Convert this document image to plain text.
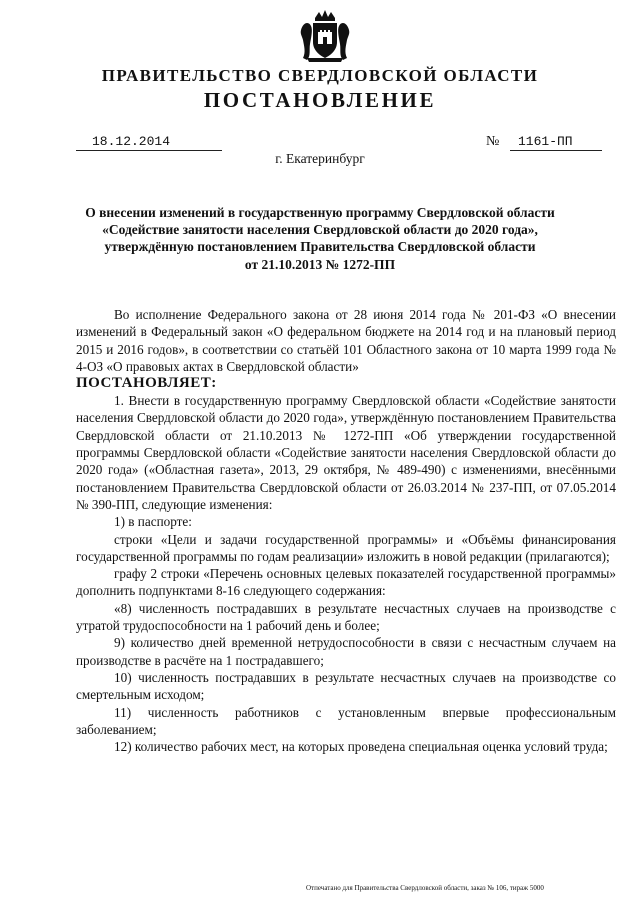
ПРАВИТЕЛЬСТВО СВЕРДЛОВСКОЙ ОБЛАСТИ
ПОСТАНОВЛЕНИЕ
18.12.2014	№	1161-ПП
г. Екатеринбург
О внесении изменений в государственную программу Свердловской области
«Содействие занятости населения Свердловской области до 2020 года»,
утверждённую постановлением Правительства Свердловской области
от 21.10.2013 № 1272-ПП

Во исполнение Федерального закона от 28 июня 2014 года № 201-ФЗ «О внесении изменений в Федеральный закон «О федеральном бюджете на 2014 год и на плановый период 2015 и 2016 годов», в соответствии со статьёй 101 Областного закона от 10 марта 1999 года № 4-ОЗ «О правовых актах в Свердловской области»

ПОСТАНОВЛЯЕТ:

1. Внести в государственную программу Свердловской области «Содействие занятости населения Свердловской области до 2020 года», утверждённую постановлением Правительства Свердловской области от 21.10.2013 № 1272-ПП «Об утверждении государственной программы Свердловской области «Содействие занятости населения Свердловской области до 2020 года» («Областная газета», 2013, 29 октября, № 489-490) с изменениями, внесёнными постановлением Правительства Свердловской области от 26.03.2014 № 237-ПП, от 07.05.2014 № 390-ПП, следующие изменения:

1) в паспорте:

строки «Цели и задачи государственной программы» и «Объёмы финансирования государственной программы по годам реализации» изложить в новой редакции (прилагаются);

графу 2 строки «Перечень основных целевых показателей государственной программы» дополнить подпунктами 8-16 следующего содержания:

«8) численность пострадавших в результате несчастных случаев на производстве с утратой трудоспособности на 1 рабочий день и более;

9) количество дней временной нетрудоспособности в связи с несчастным случаем на производстве в расчёте на 1 пострадавшего;

10) численность пострадавших в результате несчастных случаев на производстве со смертельным исходом;

11) численность работников с установленным впервые профессиональным заболеванием;

12) количество рабочих мест, на которых проведена специальная оценка условий труда;

Отпечатано для Правительства Свердловской области, заказ № 106, тираж 5000
